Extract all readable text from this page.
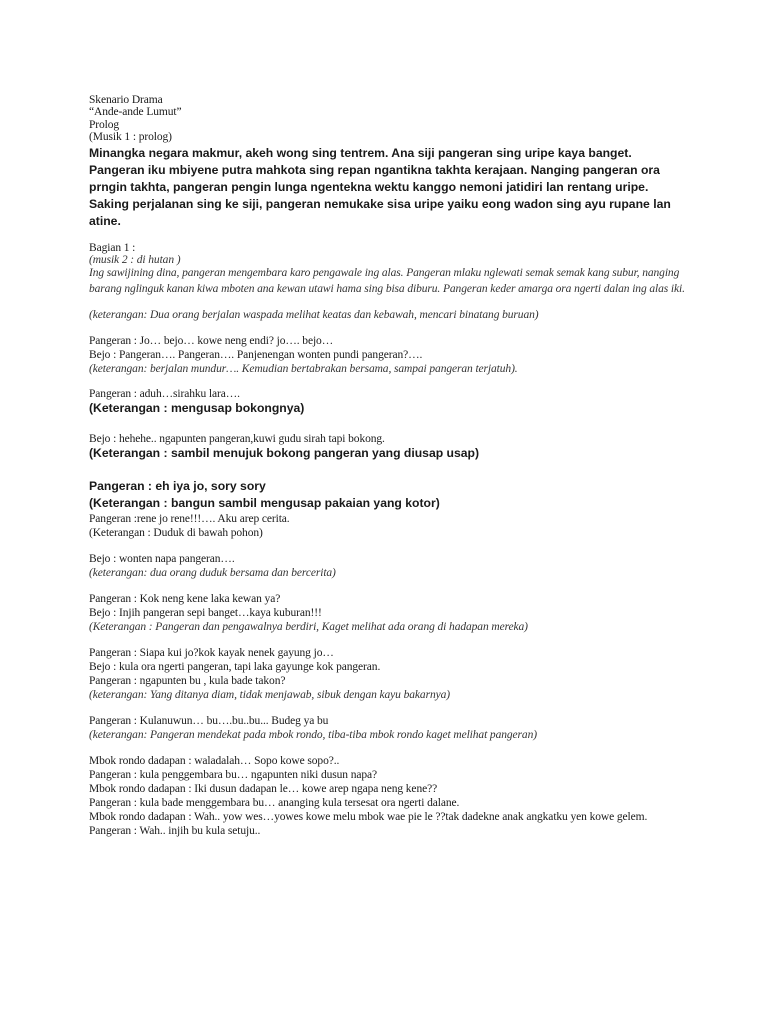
Skenario Drama
“Ande-ande Lumut”
Prolog
(Musik 1 : prolog)
Minangka negara makmur, akeh wong sing tentrem. Ana siji pangeran sing uripe kaya banget. Pangeran iku mbiyene putra mahkota sing repan ngantikna takhta kerajaan. Nanging pangeran ora prngin takhta, pangeran pengin lunga ngentekna wektu kanggo nemoni jatidiri lan rentang uripe. Saking perjalanan sing ke siji, pangeran nemukake sisa uripe yaiku eong wadon sing ayu rupane lan atine.
Bagian 1 :
(musik 2 : di hutan )
Ing sawijining dina, pangeran mengembara karo pengawale ing alas. Pangeran mlaku nglewati semak semak kang subur, nanging barang nglinguk kanan kiwa mboten ana kewan utawi hama sing bisa diburu. Pangeran keder amarga ora ngerti dalan ing alas iki.
(keterangan: Dua orang berjalan waspada melihat keatas dan kebawah, mencari binatang buruan)
Pangeran : Jo… bejo… kowe neng endi? jo…. bejo…
Bejo : Pangeran…. Pangeran…. Panjenengan wonten pundi pangeran?….
(keterangan: berjalan mundur…. Kemudian bertabrakan bersama, sampai pangeran terjatuh).
Pangeran : aduh…sirahku lara….
(Keterangan : mengusap bokongnya)
Bejo : hehehe.. ngapunten pangeran,kuwi gudu sirah tapi bokong.
(Keterangan : sambil menujuk bokong pangeran yang diusap usap)
Pangeran : eh iya jo, sory sory
(Keterangan : bangun sambil mengusap pakaian yang kotor)
Pangeran :rene jo rene!!!…. Aku arep cerita.
(Keterangan : Duduk di bawah pohon)
Bejo : wonten napa pangeran….
(keterangan: dua orang duduk bersama dan bercerita)
Pangeran : Kok neng kene laka kewan ya?
Bejo : Injih pangeran sepi banget…kaya kuburan!!!
(Keterangan : Pangeran dan pengawalnya berdiri, Kaget melihat ada orang di hadapan mereka)
Pangeran : Siapa kui jo?kok kayak nenek gayung jo…
Bejo : kula ora ngerti pangeran, tapi laka gayunge kok pangeran.
Pangeran : ngapunten bu , kula bade takon?
(keterangan: Yang ditanya diam, tidak menjawab, sibuk dengan kayu bakarnya)
Pangeran : Kulanuwun… bu….bu..bu... Budeg ya bu
(keterangan: Pangeran mendekat pada mbok rondo, tiba-tiba mbok rondo kaget melihat pangeran)
Mbok rondo dadapan : waladalah… Sopo kowe sopo?..
Pangeran : kula penggembara bu… ngapunten niki dusun napa?
Mbok rondo dadapan : Iki dusun dadapan le… kowe arep ngapa neng kene??
Pangeran : kula bade menggembara bu… ananging kula tersesat ora ngerti dalane.
Mbok rondo dadapan : Wah.. yow wes…yowes kowe melu mbok wae pie le ??tak dadekne anak angkatku yen kowe gelem.
Pangeran : Wah.. injih bu kula setuju..
